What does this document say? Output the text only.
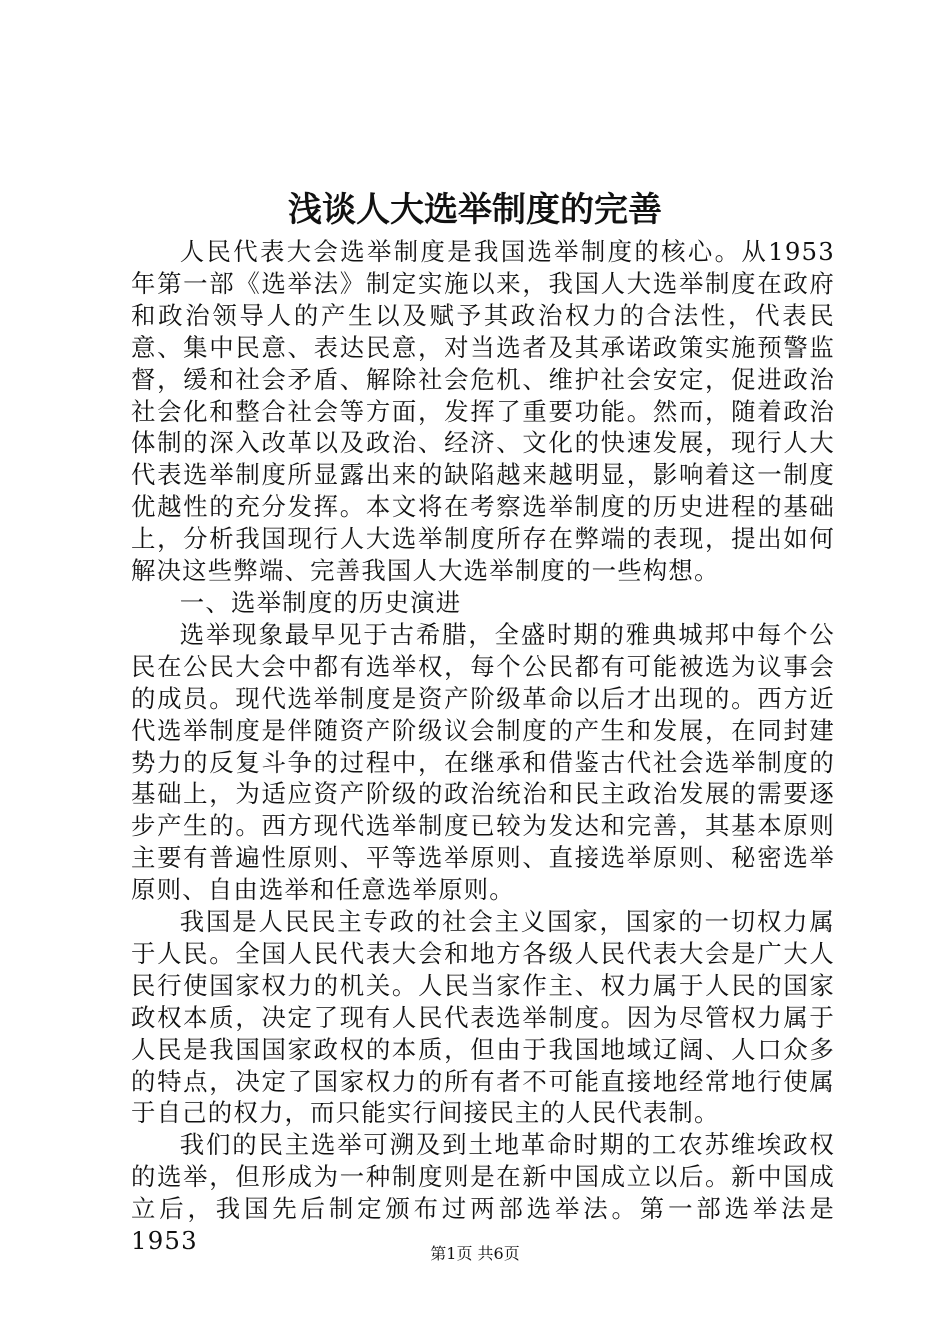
浅谈人大选举制度的完善

人民代表大会选举制度是我国选举制度的核心。从1953年第一部《选举法》制定实施以来，我国人大选举制度在政府和政治领导人的产生以及赋予其政治权力的合法性，代表民意、集中民意、表达民意，对当选者及其承诺政策实施预警监督，缓和社会矛盾、解除社会危机、维护社会安定，促进政治社会化和整合社会等方面，发挥了重要功能。然而，随着政治体制的深入改革以及政治、经济、文化的快速发展，现行人大代表选举制度所显露出来的缺陷越来越明显，影响着这一制度优越性的充分发挥。本文将在考察选举制度的历史进程的基础上，分析我国现行人大选举制度所存在弊端的表现，提出如何解决这些弊端、完善我国人大选举制度的一些构想。

一、选举制度的历史演进

选举现象最早见于古希腊，全盛时期的雅典城邦中每个公民在公民大会中都有选举权，每个公民都有可能被选为议事会的成员。现代选举制度是资产阶级革命以后才出现的。西方近代选举制度是伴随资产阶级议会制度的产生和发展，在同封建势力的反复斗争的过程中，在继承和借鉴古代社会选举制度的基础上，为适应资产阶级的政治统治和民主政治发展的需要逐步产生的。西方现代选举制度已较为发达和完善，其基本原则主要有普遍性原则、平等选举原则、直接选举原则、秘密选举原则、自由选举和任意选举原则。

我国是人民民主专政的社会主义国家，国家的一切权力属于人民。全国人民代表大会和地方各级人民代表大会是广大人民行使国家权力的机关。人民当家作主、权力属于人民的国家政权本质，决定了现有人民代表选举制度。因为尽管权力属于人民是我国国家政权的本质，但由于我国地域辽阔、人口众多的特点，决定了国家权力的所有者不可能直接地经常地行使属于自己的权力，而只能实行间接民主的人民代表制。

我们的民主选举可溯及到土地革命时期的工农苏维埃政权的选举，但形成为一种制度则是在新中国成立以后。新中国成立后，我国先后制定颁布过两部选举法。第一部选举法是1953	第1页 共6页
